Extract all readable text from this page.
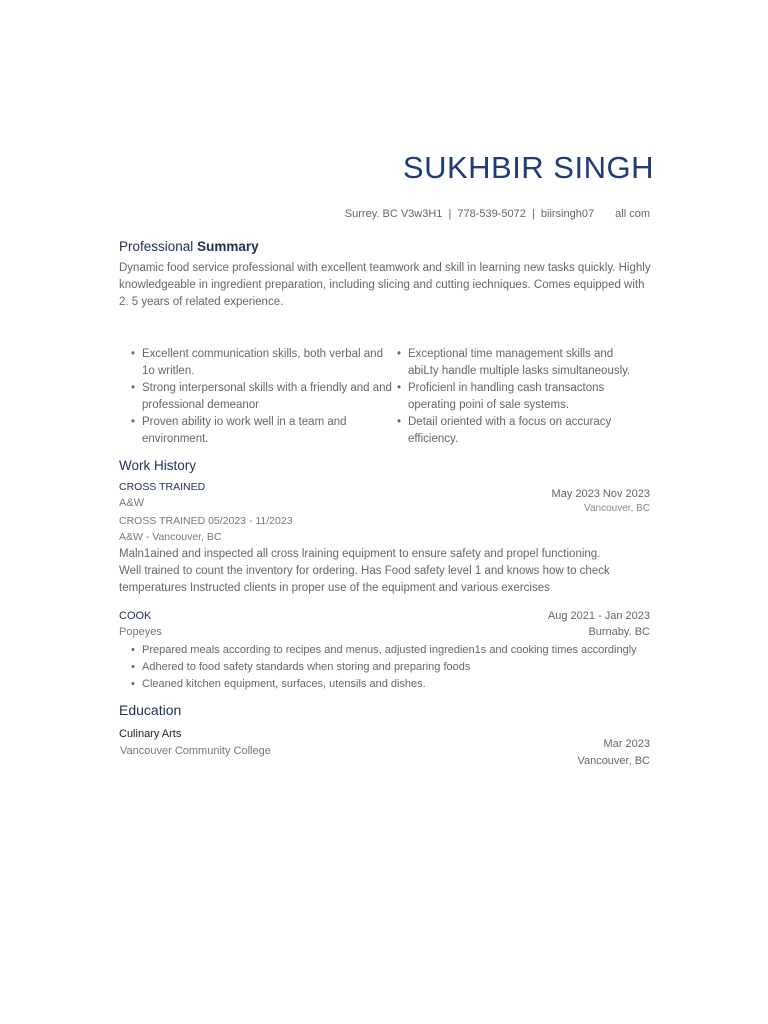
SUKHBIR SINGH
Surrey. BC V3w3H1 | 778-539-5072 | biirsingh07 all com
Professional Summary
Dynamic food service professional with excellent teamwork and skill in learning new tasks quickly. Highly knowledgeable in ingredient preparation, including slicing and cutting iechniques. Comes equipped with 2. 5 years of related experience.
• Excellent communication skills, both verbal and 1o writlen.
• Strong interpersonal skills with a friendly and and professional demeanor
• Proven ability io work well in a team and environment.
• Exceptional time management skills and abiLty handle multiple lasks simultaneously.
• Proficienl in handling cash transactons operating poini of sale systems.
• Detail oriented with a focus on accuracy efficiency.
Work History
CROSS TRAINED
A&W
May 2023 Nov 2023
Vancouver, BC
CROSS TRAINED 05/2023 - 11/2023
A&W - Vancouver, BC
Maln1ained and inspected all cross lraining equipment to ensure safety and propel functioning. Well trained to count the inventory for ordering. Has Food safety level 1 and knows how to check temperatures Instructed clients in proper use of the equipment and various exercises
COOK
Popeyes
Aug 2021 - Jan 2023
Burnaby. BC
• Prepared meals according to recipes and menus, adjusted ingredien1s and cooking times accordingly
• Adhered to food safety standards when storing and preparing foods
• Cleaned kitchen equipment, surfaces, utensils and dishes.
Education
Culinary Arts
Vancouver Community College
Mar 2023
Vancouver, BC
